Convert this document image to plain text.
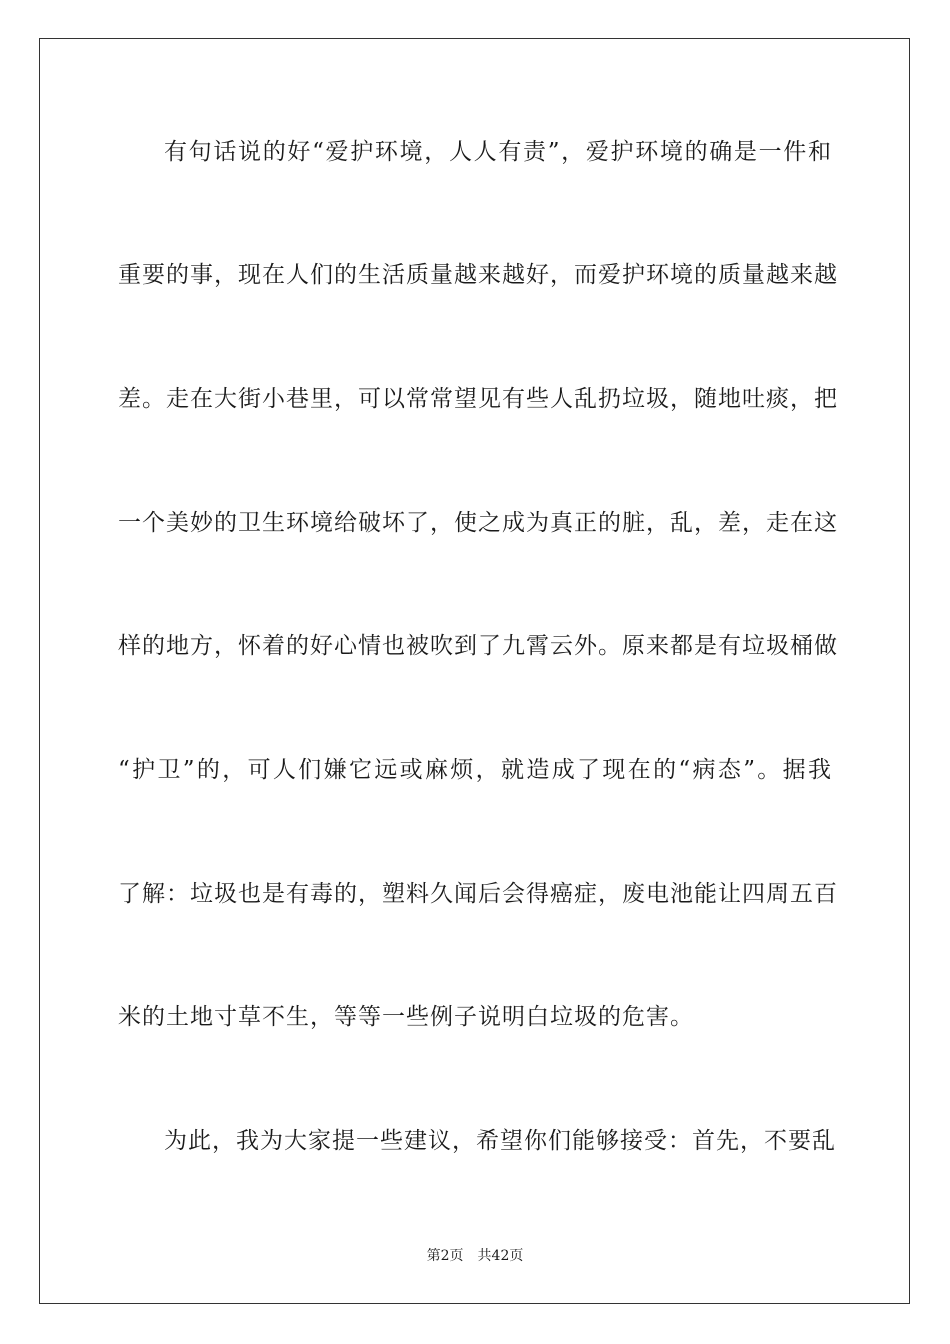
有句话说的好“爱护环境，人人有责”，爱护环境的确是一件和
重要的事，现在人们的生活质量越来越好，而爱护环境的质量越来越
差。走在大街小巷里，可以常常望见有些人乱扔垃圾，随地吐痰，把
一个美妙的卫生环境给破坏了，使之成为真正的脏，乱，差，走在这
样的地方，怀着的好心情也被吹到了九霄云外。原来都是有垃圾桶做
“护卫”的，可人们嫌它远或麻烦，就造成了现在的“病态”。据我
了解：垃圾也是有毒的，塑料久闻后会得癌症，废电池能让四周五百
米的土地寸草不生，等等一些例子说明白垃圾的危害。
为此，我为大家提一些建议，希望你们能够接受：首先，不要乱
第2页 共42页
